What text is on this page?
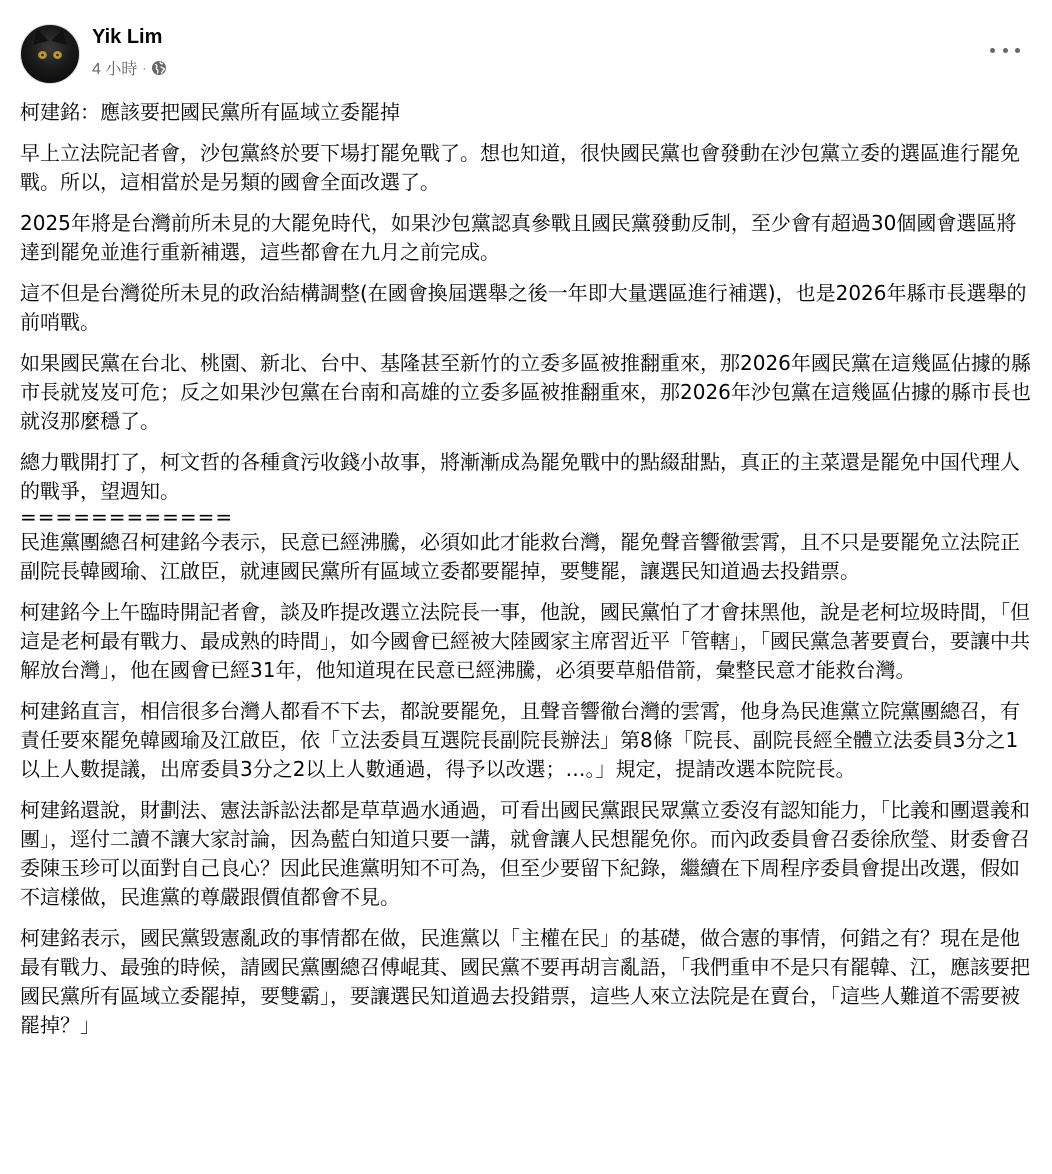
Yik Lim
4 小時 ·

柯建銘：應該要把國民黨所有區域立委罷掉

早上立法院記者會，沙包黨終於要下場打罷免戰了。想也知道，很快國民黨也會發動在沙包黨立委的選區進行罷免戰。所以，這相當於是另類的國會全面改選了。

2025年將是台灣前所未見的大罷免時代，如果沙包黨認真參戰且國民黨發動反制，至少會有超過30個國會選區將達到罷免並進行重新補選，這些都會在九月之前完成。

這不但是台灣從所未見的政治結構調整(在國會換屆選舉之後一年即大量選區進行補選)，也是2026年縣市長選舉的前哨戰。

如果國民黨在台北、桃園、新北、台中、基隆甚至新竹的立委多區被推翻重來，那2026年國民黨在這幾區佔據的縣市長就岌岌可危；反之如果沙包黨在台南和高雄的立委多區被推翻重來，那2026年沙包黨在這幾區佔據的縣市長也就沒那麼穩了。

總力戰開打了，柯文哲的各種貪污收錢小故事，將漸漸成為罷免戰中的點綴甜點，真正的主菜還是罷免中国代理人的戰爭，望週知。

============

民進黨團總召柯建銘今表示，民意已經沸騰，必須如此才能救台灣，罷免聲音響徹雲霄，且不只是要罷免立法院正副院長韓國瑜、江啟臣，就連國民黨所有區域立委都要罷掉，要雙罷，讓選民知道過去投錯票。

柯建銘今上午臨時開記者會，談及昨提改選立法院長一事，他說，國民黨怕了才會抹黑他，說是老柯垃圾時間，「但這是老柯最有戰力、最成熟的時間」，如今國會已經被大陸國家主席習近平「管轄」，「國民黨急著要賣台，要讓中共解放台灣」，他在國會已經31年，他知道現在民意已經沸騰，必須要草船借箭，彙整民意才能救台灣。

柯建銘直言，相信很多台灣人都看不下去，都說要罷免，且聲音響徹台灣的雲霄，他身為民進黨立院黨團總召，有責任要來罷免韓國瑜及江啟臣，依「立法委員互選院長副院長辦法」第8條「院長、副院長經全體立法委員3分之1以上人數提議，出席委員3分之2以上人數通過，得予以改選；…。」規定，提請改選本院院長。

柯建銘還說，財劃法、憲法訴訟法都是草草過水通過，可看出國民黨跟民眾黨立委沒有認知能力，「比義和團還義和團」，逕付二讀不讓大家討論，因為藍白知道只要一講，就會讓人民想罷免你。而內政委員會召委徐欣瑩、財委會召委陳玉珍可以面對自己良心？因此民進黨明知不可為，但至少要留下紀錄，繼續在下周程序委員會提出改選，假如不這樣做，民進黨的尊嚴跟價值都會不見。

柯建銘表示，國民黨毀憲亂政的事情都在做，民進黨以「主權在民」的基礎，做合憲的事情，何錯之有？現在是他最有戰力、最強的時候，請國民黨團總召傅崐萁、國民黨不要再胡言亂語，「我們重申不是只有罷韓、江，應該要把國民黨所有區域立委罷掉，要雙霸」，要讓選民知道過去投錯票，這些人來立法院是在賣台，「這些人難道不需要被罷掉？」
